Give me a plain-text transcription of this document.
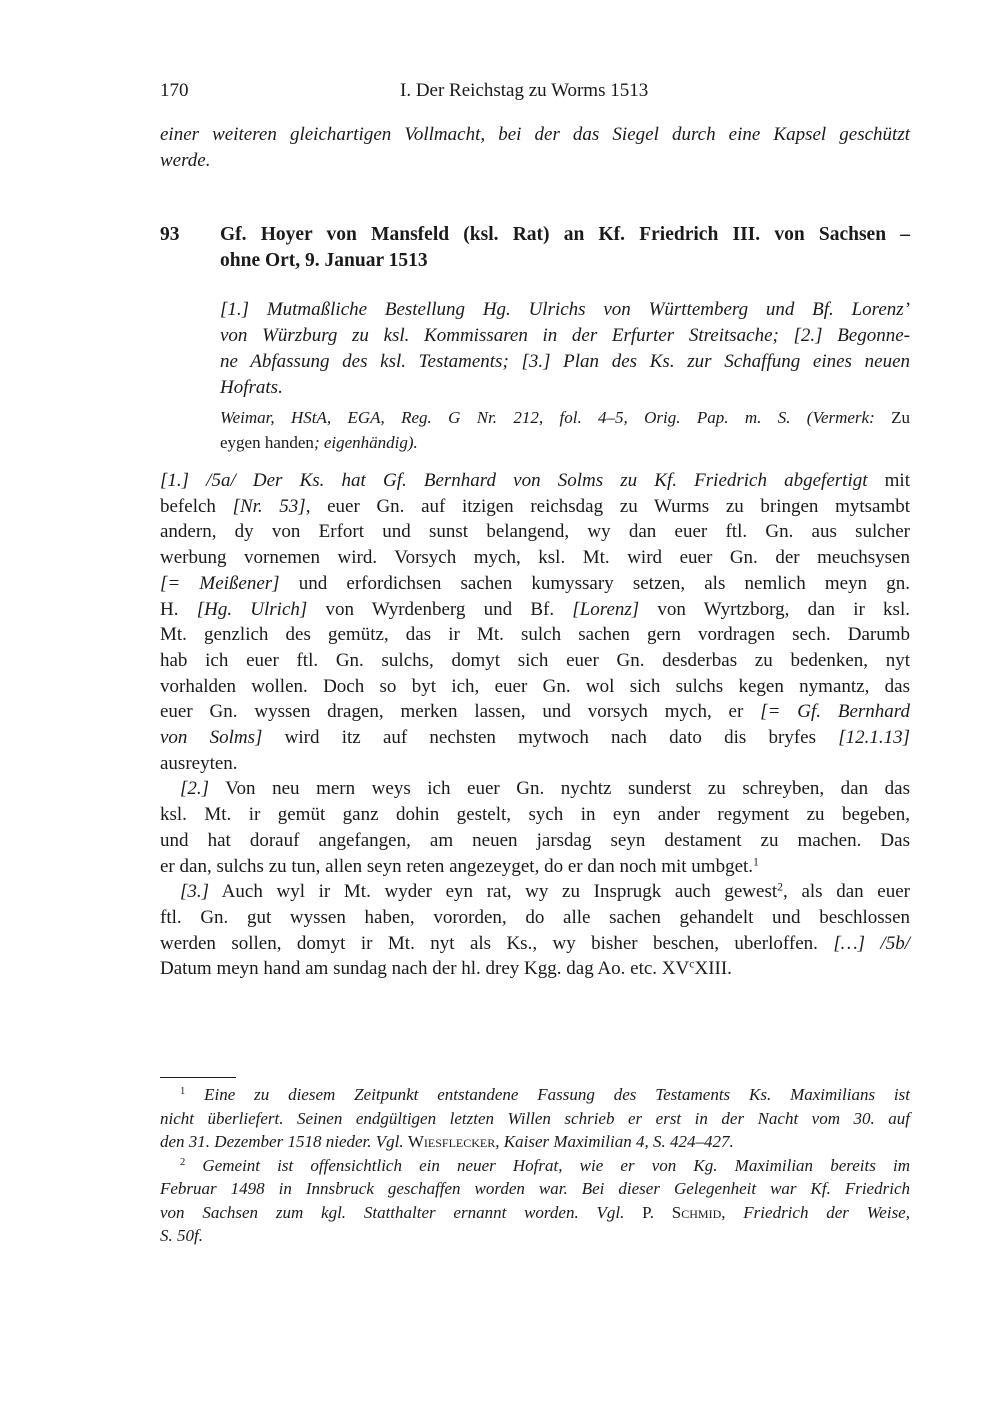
170	I. Der Reichstag zu Worms 1513
einer weiteren gleichartigen Vollmacht, bei der das Siegel durch eine Kapsel geschützt
werde.
93 Gf. Hoyer von Mansfeld (ksl. Rat) an Kf. Friedrich III. von Sachsen –
ohne Ort, 9. Januar 1513
[1.] Mutmaßliche Bestellung Hg. Ulrichs von Württemberg und Bf. Lorenz’
von Würzburg zu ksl. Kommissaren in der Erfurter Streitsache; [2.] Begonne-
ne Abfassung des ksl. Testaments; [3.] Plan des Ks. zur Schaffung eines neuen
Hofrats.
Weimar, HStA, EGA, Reg. G Nr. 212, fol. 4–5, Orig. Pap. m. S. (Vermerk: Zu
eygen handen; eigenhändig).
[1.] /5a/ Der Ks. hat Gf. Bernhard von Solms zu Kf. Friedrich abgefertigt mit
befelch [Nr. 53], euer Gn. auf itzigen reichsdag zu Wurms zu bringen mytsambt
andern, dy von Erfort und sunst belangend, wy dan euer ftl. Gn. aus sulcher
werbung vornemen wird. Vorsych mych, ksl. Mt. wird euer Gn. der meuchsysen
[= Meißener] und erfordichsen sachen kumyssary setzen, als nemlich meyn gn.
H. [Hg. Ulrich] von Wyrdenberg und Bf. [Lorenz] von Wyrtzborg, dan ir ksl.
Mt. genzlich des gemütz, das ir Mt. sulch sachen gern vordragen sech. Darumb
hab ich euer ftl. Gn. sulchs, domyt sich euer Gn. desderbas zu bedenken, nyt
vorhalden wollen. Doch so byt ich, euer Gn. wol sich sulchs kegen nymantz, das
euer Gn. wyssen dragen, merken lassen, und vorsych mych, er [= Gf. Bernhard
von Solms] wird itz auf nechsten mytwoch nach dato dis bryfes [12.1.13]
ausreyten.
[2.] Von neu mern weys ich euer Gn. nychtz sunderst zu schreyben, dan das
ksl. Mt. ir gemüt ganz dohin gestelt, sych in eyn ander regyment zu begeben,
und hat dorauf angefangen, am neuen jarsdag seyn destament zu machen. Das
er dan, sulchs zu tun, allen seyn reten angezeyget, do er dan noch mit umbget.$^1$
[3.] Auch wyl ir Mt. wyder eyn rat, wy zu Insprugk auch gewest$^2$, als dan euer
ftl. Gn. gut wyssen haben, vororden, do alle sachen gehandelt und beschlossen
werden sollen, domyt ir Mt. nyt als Ks., wy bisher beschen, uberloffen. […] /5b/
Datum meyn hand am sundag nach der hl. drey Kgg. dag Ao. etc. $XV^cXIII$.
$^1$ Eine zu diesem Zeitpunkt entstandene Fassung des Testaments Ks. Maximilians ist
nicht überliefert. Seinen endgültigen letzten Willen schrieb er erst in der Nacht vom 30. auf
den 31. Dezember 1518 nieder. Vgl. Wiesflecker, Kaiser Maximilian 4, S. 424–427.
$^2$ Gemeint ist offensichtlich ein neuer Hofrat, wie er von Kg. Maximilian bereits im
Februar 1498 in Innsbruck geschaffen worden war. Bei dieser Gelegenheit war Kf. Friedrich
von Sachsen zum kgl. Statthalter ernannt worden. Vgl. P. Schmid, Friedrich der Weise,
S. 50f.
